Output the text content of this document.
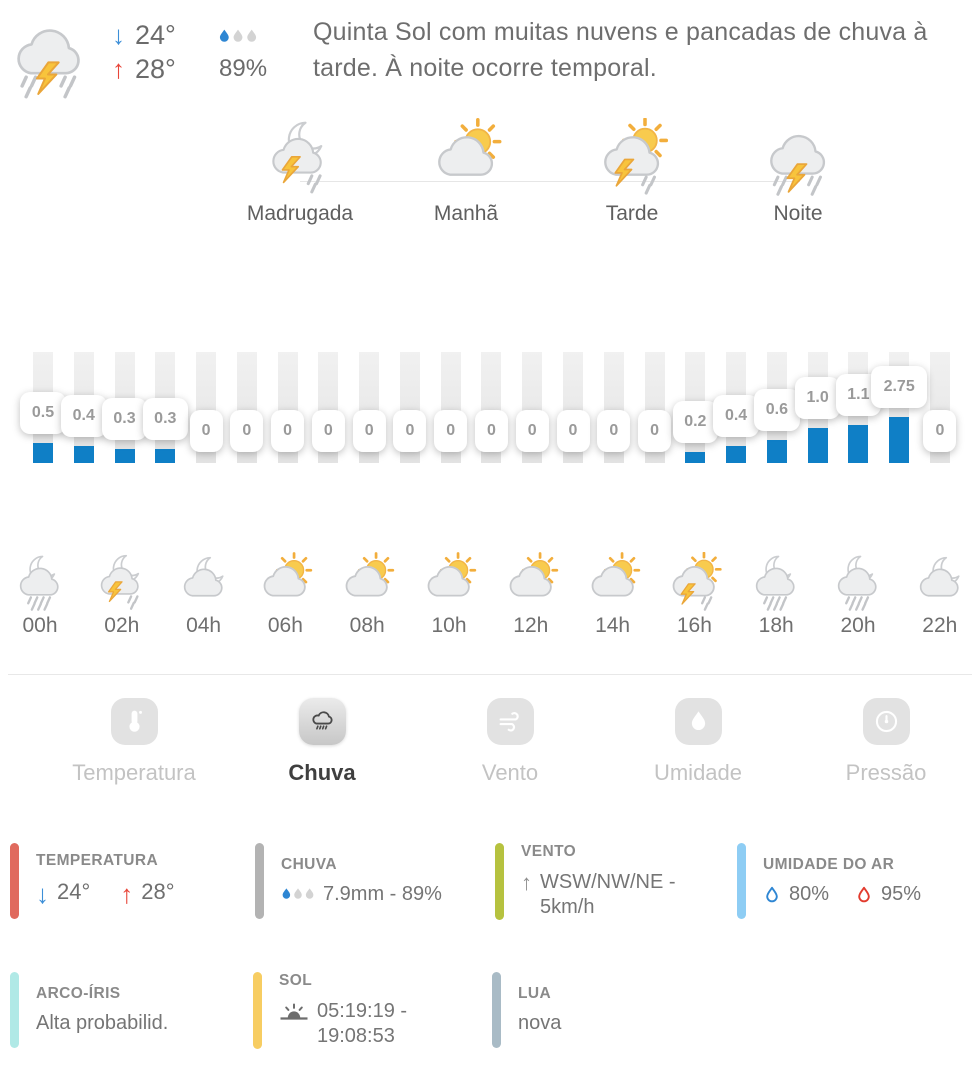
↓ 24°
↑ 28° 89%

Quinta Sol com muitas nuvens e pancadas de chuva à tarde. À noite ocorre temporal.

Madrugada	Manhã	Tarde	Noite
0.5	0.4	0.3	0.3
0	0	0	0	0	0	0	0	0	0	0	0
0.2	0.4	0.6
1.0	1.1 2.75
0
00h 02h 04h 06h 08h 10h 12h 14h 16h 18h 20h 22h
Temperatura	Chuva	Vento	Umidade	Pressão
TEMPERATURA
↓ 24° ↑ 28°
CHUVA
7.9mm - 89%
VENTO
↑ WSW/NW/NE - 5km/h
UMIDADE DO AR
80%	95%
ARCO-ÍRIS
Alta probabilid.
SOL
05:19:19 - 19:08:53
LUA
nova
